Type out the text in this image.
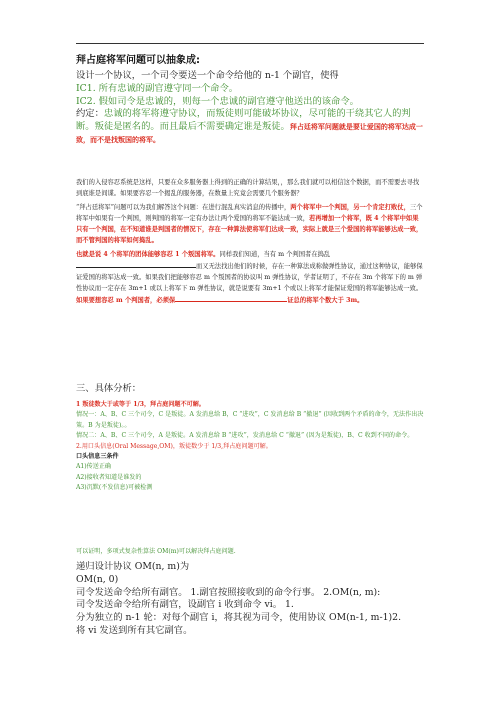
拜占庭将军问题可以抽象成:

设计一个协议，一个司令要送一个命令给他的 n-1 个副官，使得
IC1. 所有忠诚的副官遵守同一个命令。
IC2. 假如司令是忠诚的，则每一个忠诚的副官遵守他送出的该命令。
约定：忠诚的将军将遵守协议，而叛徒则可能破坏协议，尽可能的干绕其它人的判断。叛徒是匿名的。而且最后不需要确定谁是叛徒。拜占廷将军问题就是要让爱国的将军达成一致，而不是找叛国的将军。
我们的入侵容忍系统是这样，只要在众多服务器上得到的正确的计算结果，，那么我们就可以相信这个数据，而不需要去寻找到底谁是间谍。如果要容忍一个揭乱的服务器，在数量上究竟会需要几个服务器？
“拜占廷将军”问题可以为我们解答这个问题：在进行混乱真实消息的传播中，两个将军中一个判国，另一个肯定打败仗，三个将军中如果有一个判国，则判国的将军一定有办法让两个爱国的将军不能达成一致，若再增加一个将军，既 4 个将军中如果只有一个判国，在不知道谁是判国者的情况下，存在一种算法使将军们达成一致，实际上就是三个爱国的将军能够达成一致，而不管判国的将军如何捣乱。
也就是说 4 个将军的团体能够容忍 1 个叛国将军。同样我们知道，当有 m 个判国者在捣乱而又无法找出他们的时候，存在一种算法成称做弹性协议，通过这种协议，能够保证爱国的将军达成一致。如果我们把能够容忍 m 个叛国者的协议叫 m 弹性协议，学者证明了，不存在 3m 个将军下的 m 弹性协议而一定存在 3m+1 或以上将军下 m 弹性协议，就是说要有 3m+1 个或以上将军才能保证爱国的将军能够达成一致。如果要想容忍 m 个判国者，必须保	证总的将军个数大于 3m。

三、具体分析：

1 叛徒数大于或等于 1/3，拜占庭问题不可解。
情况一：A、B、C 三个司令，C 是叛徒。A 发消息给 B，C “进攻”，C 发消息给 B “撤退” (因收到两个矛盾的命令，无法作出决策。B 为是叛徒)。。
情况二：A、B、C 三个司令，A 是叛徒。A 发消息给 B “进攻”，发消息给 C “撤退” (因为是叛徒)，B、C 收到不同的命令。
2.用口头信息(Oral Message,OM)，叛徒数少于 1/3,拜占庭问题可解。
口头信息三条件
A1)传送正确
A2)接收者知道是谁发的
A3)沉默(不发信息)可被检测

可以证明，多项式复杂性算法 OM(m)可以解决拜占庭问题.

递归设计协议 OM(n, m)为
OM(n, 0)
司令发送命令给所有副官。 1.副官按照接收到的命令行事。 2.OM(n, m):
司令发送命令给所有副官，设副官 i 收到命令 vi。 1.
分为独立的 n-1 轮：对每个副官 i，将其视为司令，使用协议 OM(n-1, m-1)2.
将 vi 发送到所有其它副官。
